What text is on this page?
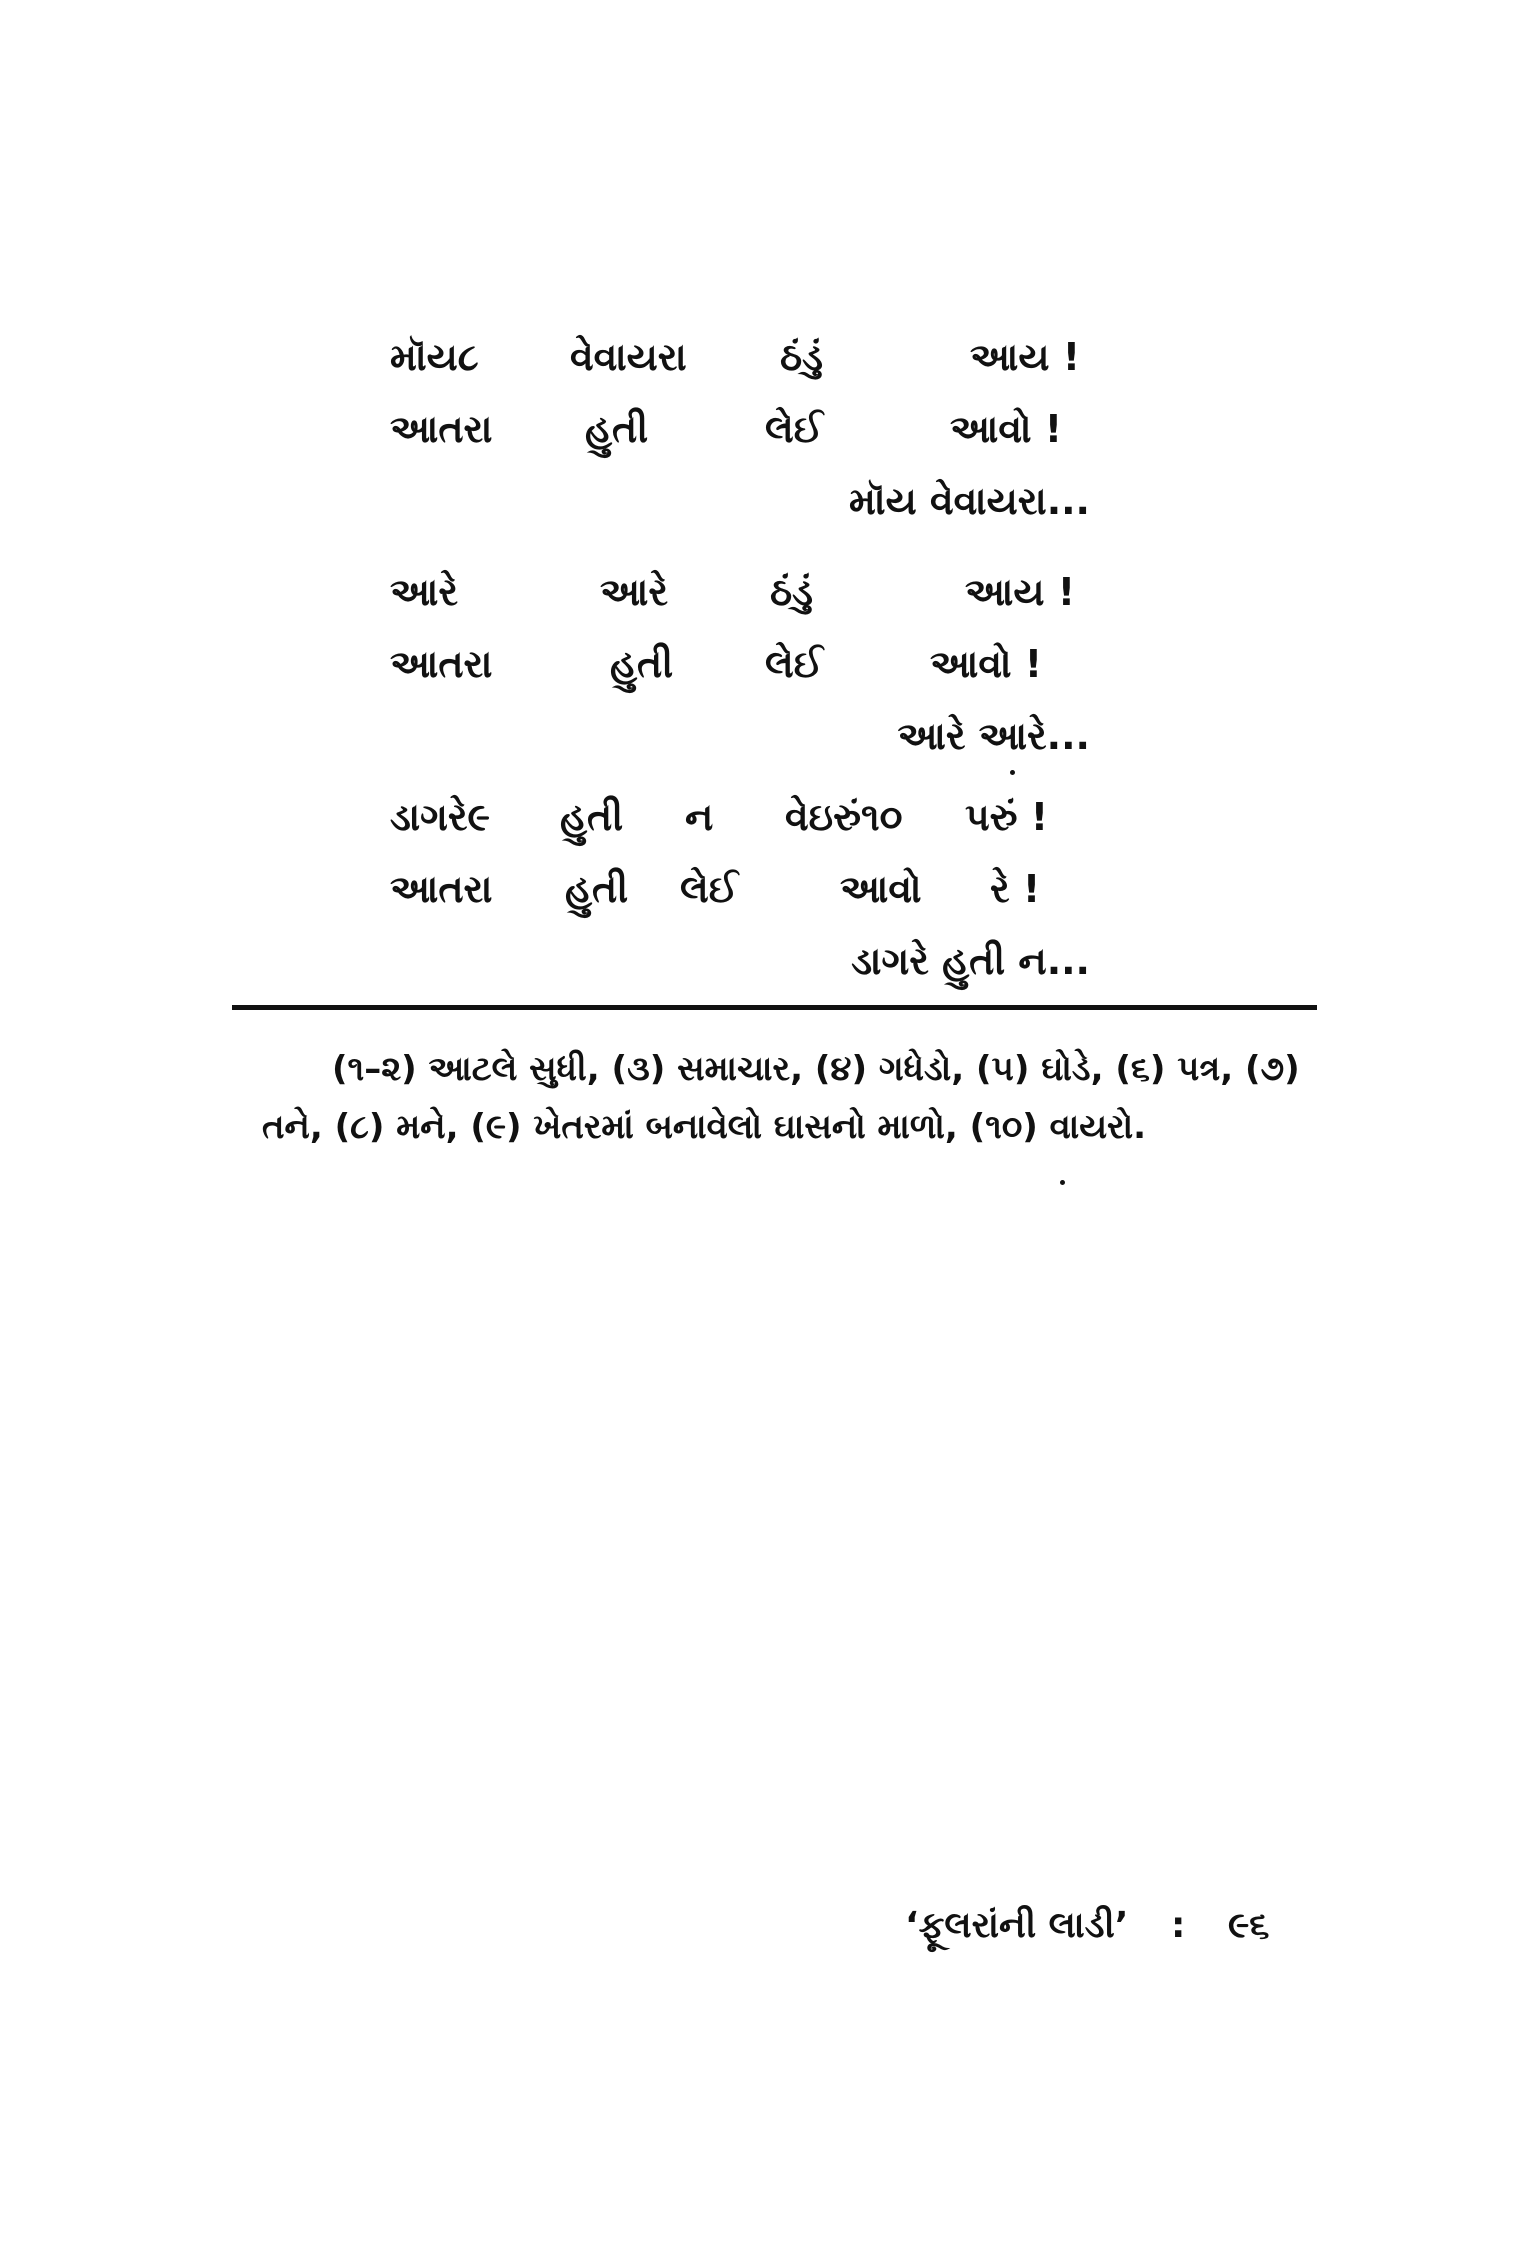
મૉય૮ વેવાયરા ઠંડું	આય !
આતરા હુતી	લેઈ	આવો !
મૉય વેવાયરા...
આરે	આરે	ઠંડું	આય !
આતરા	હુતી લેઈ	આવો !
આરે આરે...
ડાગરે૯ હુતી ન વેઇરું૧૦ પરું !
આતરા હુતી લેઈ	આવો રે !
ડાગરે હુતી ન...
(૧–૨) આટલે સુધી, (૩) સમાચાર, (૪) ગધેડો, (૫) ઘોડે, (૬) પત્ર, (૭) તને, (૮) મને, (૯) ખેતરમાં બનાવેલો ઘાસનો માળો, (૧૦) વાયરો.
‘ફૂલરાંની લાડી’ : ૯૬
